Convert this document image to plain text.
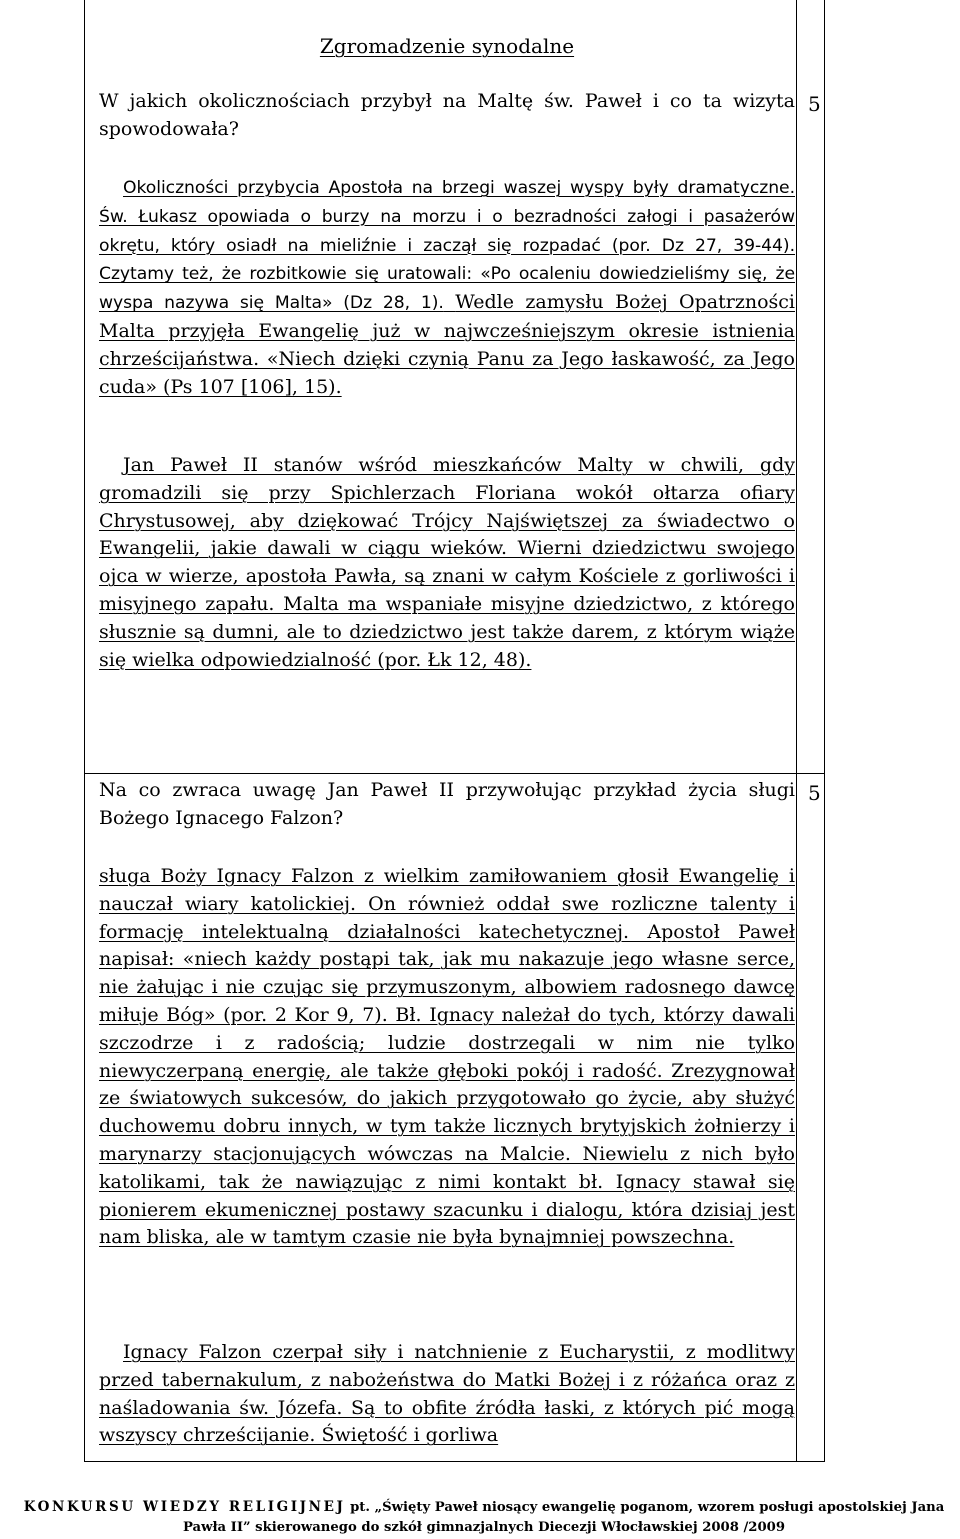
Zgromadzenie synodalne

W jakich okolicznościach przybył na Maltę św. Paweł i co ta wizyta spowodowała?

5

Okoliczności przybycia Apostoła na brzegi waszej wyspy były dramatyczne. Św. Łukasz opowiada o burzy na morzu i o bezradności załogi i pasażerów okrętu, który osiadł na mieliźnie i zaczął się rozpadać (por. Dz 27, 39-44). Czytamy też, że rozbitkowie się uratowali: «Po ocaleniu dowiedzieliśmy się, że wyspa nazywa się Malta» (Dz 28, 1). Wedle zamysłu Bożej Opatrzności Malta przyjęła Ewangelię już w najwcześniejszym okresie istnienia chrześcijaństwa. «Niech dzięki czynią Panu za Jego łaskawość, za Jego cuda» (Ps 107 [106], 15).

Jan Paweł II stanów wśród mieszkańców Malty w chwili, gdy gromadzili się przy Spichlerzach Floriana wokół ołtarza ofiary Chrystusowej, aby dziękować Trójcy Najświętszej za świadectwo o Ewangelii, jakie dawali w ciągu wieków. Wierni dziedzictwu swojego ojca w wierze, apostoła Pawła, są znani w całym Kościele z gorliwości i misyjnego zapału. Malta ma wspaniałe misyjne dziedzictwo, z którego słusznie są dumni, ale to dziedzictwo jest także darem, z którym wiąże się wielka odpowiedzialność (por. Łk 12, 48).

Na co zwraca uwagę Jan Paweł II przywołując przykład życia sługi Bożego Ignacego Falzon?

5

sługa Boży Ignacy Falzon z wielkim zamiłowaniem głosił Ewangelię i nauczał wiary katolickiej. On również oddał swe rozliczne talenty i formację intelektualną działalności katechetycznej. Apostoł Paweł napisał: «niech każdy postąpi tak, jak mu nakazuje jego własne serce, nie żałując i nie czując się przymuszonym, albowiem radosnego dawcę miłuje Bóg» (por. 2 Kor 9, 7). Bł. Ignacy należał do tych, którzy dawali szczodrze i z radością; ludzie dostrzegali w nim nie tylko niewyczerpaną energię, ale także głęboki pokój i radość. Zrezygnował ze światowych sukcesów, do jakich przygotowało go życie, aby służyć duchowemu dobru innych, w tym także licznych brytyjskich żołnierzy i marynarzy stacjonujących wówczas na Malcie. Niewielu z nich było katolikami, tak że nawiązując z nimi kontakt bł. Ignacy stawał się pionierem ekumenicznej postawy szacunku i dialogu, która dzisiaj jest nam bliska, ale w tamtym czasie nie była bynajmniej powszechna.

Ignacy Falzon czerpał siły i natchnienie z Eucharystii, z modlitwy przed tabernakulum, z nabożeństwa do Matki Bożej i z różańca oraz z naśladowania św. Józefa. Są to obfite źródła łaski, z których pić mogą wszyscy chrześcijanie. Świętość i gorliwa

KONKURSU WIEDZY RELIGIJNEJ pt. „Święty Paweł niosący ewangelię poganom, wzorem posługi apostolskiej Jana
Pawła II” skierowanego do szkół gimnazjalnych Diecezji Włocławskiej 2008 /2009
